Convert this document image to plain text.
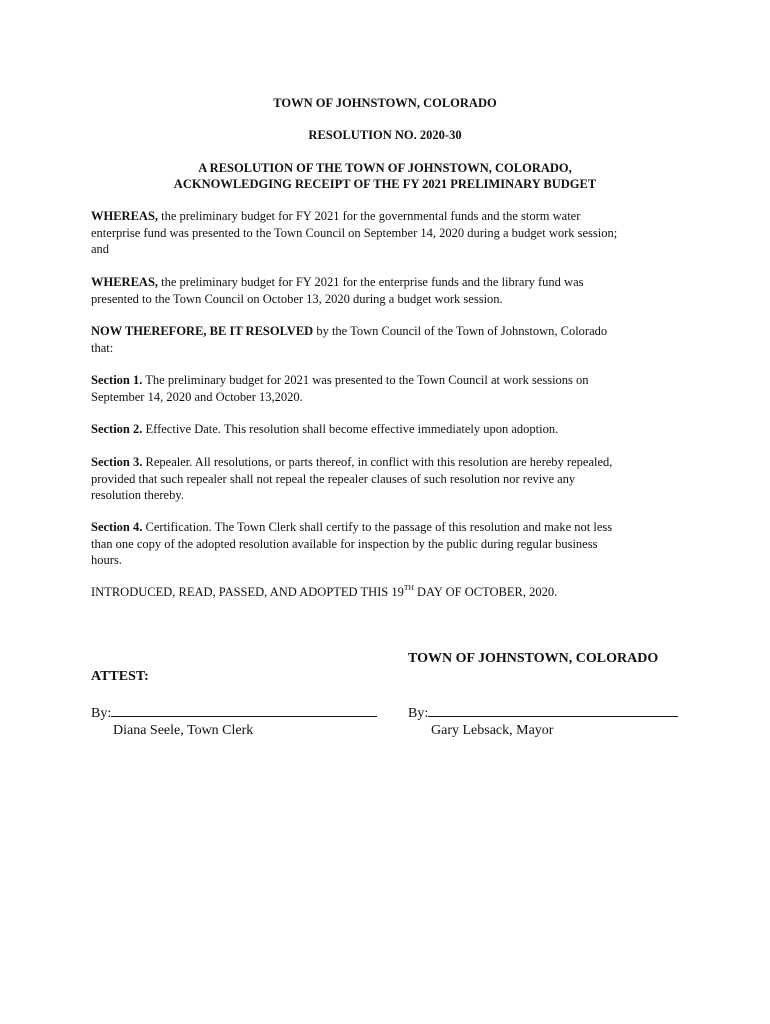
TOWN OF JOHNSTOWN, COLORADO
RESOLUTION NO. 2020-30
A RESOLUTION OF THE TOWN OF JOHNSTOWN, COLORADO,
ACKNOWLEDGING RECEIPT OF THE FY 2021 PRELIMINARY BUDGET
WHEREAS, the preliminary budget for FY 2021 for the governmental funds and the storm water
enterprise fund was presented to the Town Council on September 14, 2020 during a budget work session;
and
WHEREAS, the preliminary budget for FY 2021 for the enterprise funds and the library fund was
presented to the Town Council on October 13, 2020 during a budget work session.
NOW THEREFORE, BE IT RESOLVED by the Town Council of the Town of Johnstown, Colorado
that:
Section 1. The preliminary budget for 2021 was presented to the Town Council at work sessions on
September 14, 2020 and October 13,2020.
Section 2. Effective Date. This resolution shall become effective immediately upon adoption.
Section 3. Repealer. All resolutions, or parts thereof, in conflict with this resolution are hereby repealed,
provided that such repealer shall not repeal the repealer clauses of such resolution nor revive any
resolution thereby.
Section 4. Certification. The Town Clerk shall certify to the passage of this resolution and make not less
than one copy of the adopted resolution available for inspection by the public during regular business
hours.
INTRODUCED, READ, PASSED, AND ADOPTED THIS 19TH DAY OF OCTOBER, 2020.
TOWN OF JOHNSTOWN, COLORADO
ATTEST:
By:
Diana Seele, Town Clerk
By:
Gary Lebsack, Mayor
